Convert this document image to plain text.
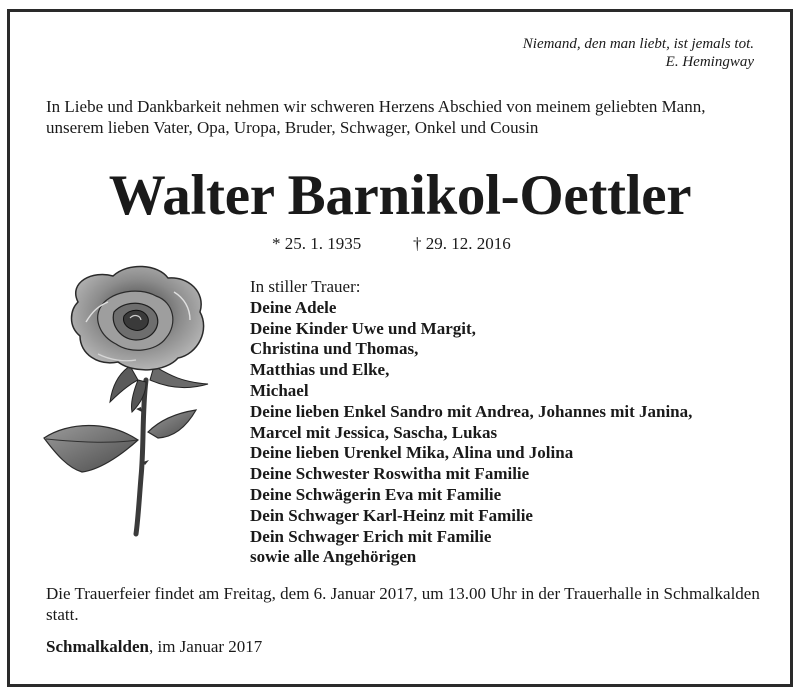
Niemand, den man liebt, ist jemals tot.
E. Hemingway
In Liebe und Dankbarkeit nehmen wir schweren Herzens Abschied von meinem geliebten Mann, unserem lieben Vater, Opa, Uropa, Bruder, Schwager, Onkel und Cousin
Walter Barnikol-Oettler
* 25. 1. 1935	† 29. 12. 2016
In stiller Trauer:
Deine Adele
Deine Kinder Uwe und Margit,
Christina und Thomas,
Matthias und Elke,
Michael
Deine lieben Enkel Sandro mit Andrea, Johannes mit Janina,
Marcel mit Jessica, Sascha, Lukas
Deine lieben Urenkel Mika, Alina und Jolina
Deine Schwester Roswitha mit Familie
Deine Schwägerin Eva mit Familie
Dein Schwager Karl-Heinz mit Familie
Dein Schwager Erich mit Familie
sowie alle Angehörigen
Die Trauerfeier findet am Freitag, dem 6. Januar 2017, um 13.00 Uhr in der Trauerhalle in Schmalkalden statt.
Schmalkalden, im Januar 2017
